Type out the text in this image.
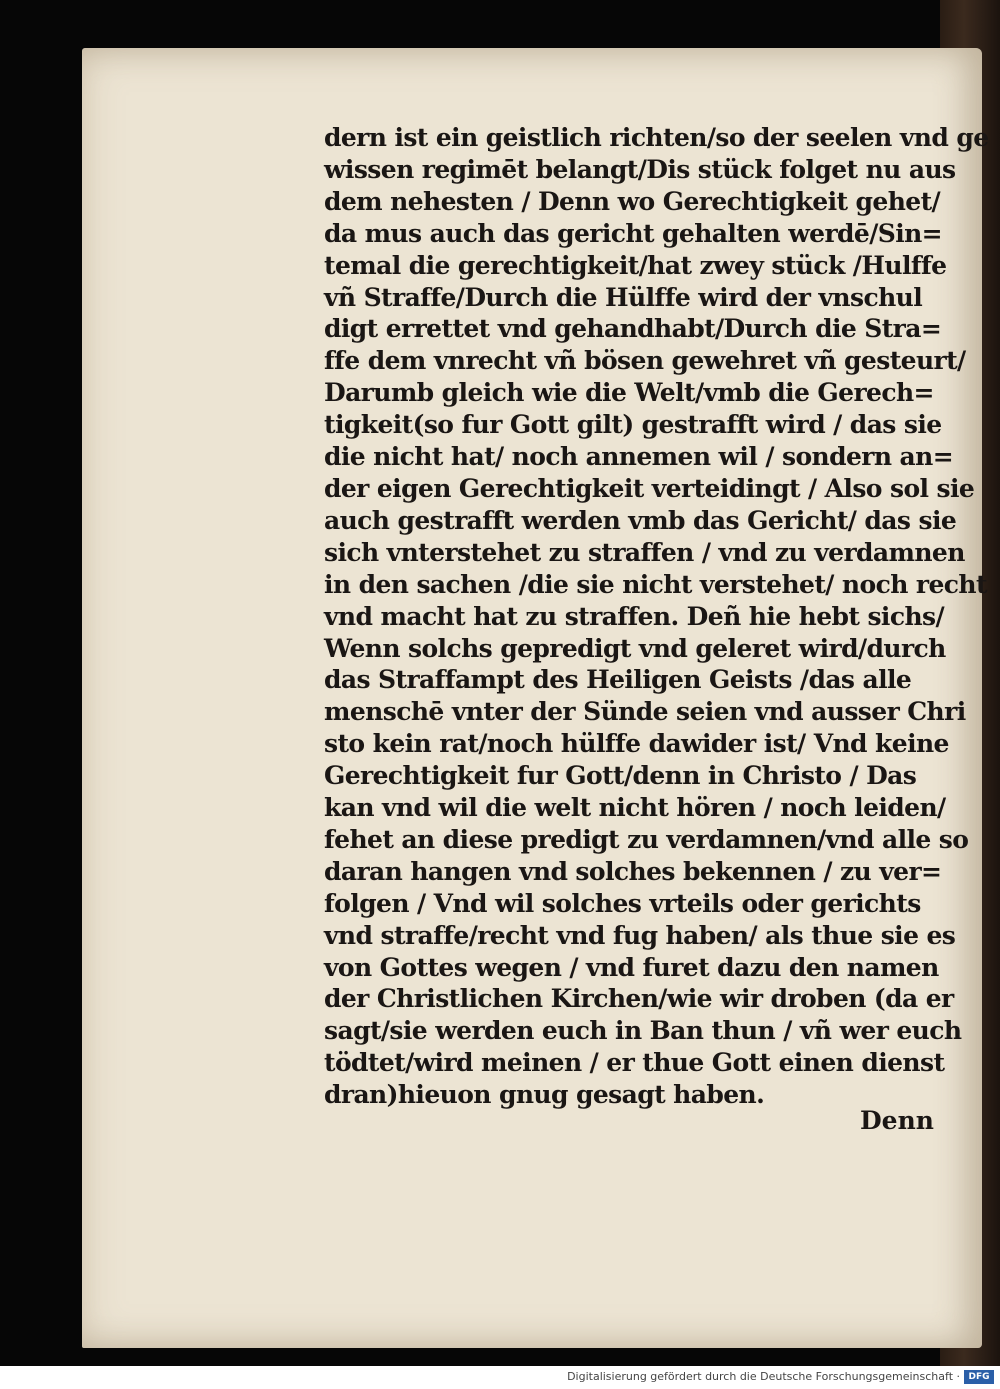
dern ist ein geistlich richten/so der seelen vnd ge
wissen regimēt belangt/Dis stück folget nu aus
dem nehesten / Denn wo Gerechtigkeit gehet/
da mus auch das gericht gehalten werdē/Sin=
temal die gerechtigkeit/hat zwey stück /Hulffe
vñ Straffe/Durch die Hülffe wird der vnschul
digt errettet vnd gehandhabt/Durch die Stra=
ffe dem vnrecht vñ bösen gewehret vñ gesteurt/
Darumb gleich wie die Welt/vmb die Gerech=
tigkeit(so fur Gott gilt) gestrafft wird / das sie
die nicht hat/ noch annemen wil / sondern an=
der eigen Gerechtigkeit verteidingt / Also sol sie
auch gestrafft werden vmb das Gericht/ das sie
sich vnterstehet zu straffen / vnd zu verdamnen
in den sachen /die sie nicht verstehet/ noch recht
vnd macht hat zu straffen. Deñ hie hebt sichs/
Wenn solchs gepredigt vnd geleret wird/durch
das Straffampt des Heiligen Geists /das alle
menschē vnter der Sünde seien vnd ausser Chri
sto kein rat/noch hülffe dawider ist/ Vnd keine
Gerechtigkeit fur Gott/denn in Christo / Das
kan vnd wil die welt nicht hören / noch leiden/
fehet an diese predigt zu verdamnen/vnd alle so
daran hangen vnd solches bekennen / zu ver=
folgen / Vnd wil solches vrteils oder gerichts
vnd straffe/recht vnd fug haben/ als thue sie es
von Gottes wegen / vnd furet dazu den namen
der Christlichen Kirchen/wie wir droben (da er
sagt/sie werden euch in Ban thun / vñ wer euch
tödtet/wird meinen / er thue Gott einen dienst
dran)hieuon gnug gesagt haben.
Denn
Digitalisierung gefördert durch die Deutsche Forschungsgemeinschaft · DFG
